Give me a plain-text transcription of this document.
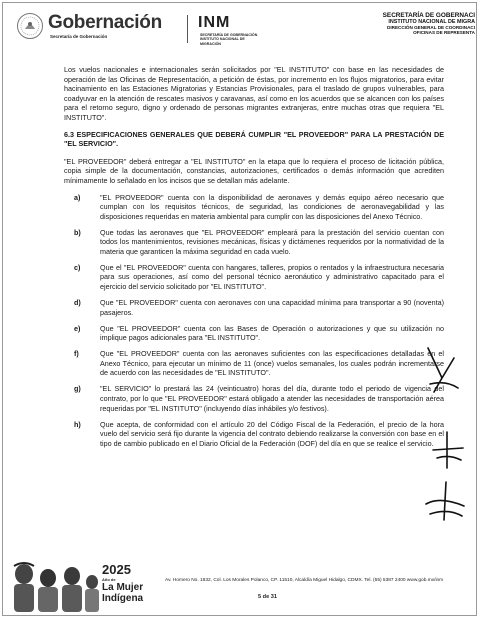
Gobernación
Secretaría de Gobernación
INM
SECRETARÍA DE GOBERNACIÓN
INSTITUTO NACIONAL DE MIGRACIÓN
SECRETARÍA DE GOBERNACI
INSTITUTO NACIONAL DE MIGRA
DIRECCIÓN GENERAL DE COORDINACI
OFICINAS DE REPRESENTA

Los vuelos nacionales e internacionales serán solicitados por "EL INSTITUTO" con base en las necesidades de operación de las Oficinas de Representación, a petición de éstas, por incremento en los flujos migratorios, para evitar hacinamiento en las Estaciones Migratorias y Estancias Provisionales, para el traslado de grupos vulnerables, para coadyuvar en la atención de rescates masivos y caravanas, así como en los acuerdos que se alcancen con los países para el retorno seguro, digno y ordenado de personas migrantes extranjeras, entre muchas otras que requiera "EL INSTITUTO".

6.3 ESPECIFICACIONES GENERALES QUE DEBERÁ CUMPLIR "EL PROVEEDOR" PARA LA PRESTACIÓN DE "EL SERVICIO".

"EL PROVEEDOR" deberá entregar a "EL INSTITUTO" en la etapa que lo requiera el proceso de licitación pública, copia simple de la documentación, constancias, autorizaciones, certificados o demás información que acrediten mínimamente lo señalado en los incisos que se detallan más adelante.

a)	"EL PROVEEDOR" cuenta con la disponibilidad de aeronaves y demás equipo aéreo necesario que cumplan con los requisitos técnicos, de seguridad, las condiciones de aeronavegabilidad y las disposiciones requeridas en materia ambiental para cumplir con las disposiciones del Anexo Técnico.
b)	Que todas las aeronaves que "EL PROVEEDOR" empleará para la prestación del servicio cuentan con todos los mantenimientos, revisiones mecánicas, físicas y dictámenes requeridos por la normatividad de la materia que garanticen la máxima seguridad en cada vuelo.
c)	Que el "EL PROVEEDOR" cuenta con hangares, talleres, propios o rentados y la infraestructura necesaria para sus operaciones, así como del personal técnico aeronáutico y administrativo capacitado para el ejercicio del servicio solicitado por "EL INSTITUTO".
d)	Que "EL PROVEEDOR" cuenta con aeronaves con una capacidad mínima para transportar a 90 (noventa) pasajeros.
e)	Que "EL PROVEEDOR" cuenta con las Bases de Operación o autorizaciones y que su utilización no implique pagos adicionales para "EL INSTITUTO".
f)	Que "EL PROVEEDOR" cuenta con las aeronaves suficientes con las especificaciones detalladas en el Anexo Técnico, para ejecutar un mínimo de 11 (once) vuelos semanales, los cuales podrán incrementarse de acuerdo con las necesidades de "EL INSTITUTO".
g)	"EL SERVICIO" lo prestará las 24 (veinticuatro) horas del día, durante todo el periodo de vigencia del contrato, por lo que "EL PROVEEDOR" estará obligado a atender las necesidades de transportación aérea requeridas por "EL INSTITUTO" (incluyendo días inhábiles y/o festivos).
h)	Que acepta, de conformidad con el artículo 20 del Código Fiscal de la Federación, el precio de la hora vuelo del servicio será fijo durante la vigencia del contrato debiendo realizarse la conversión con base en el tipo de cambio publicado en el Diario Oficial de la Federación (DOF) del día en que se realice el servicio.
2025
Año de
La Mujer
Indígena
Av. Homero No. 1832, Col. Los Morales Polanco, CP. 11510, Alcaldía Miguel Hidalgo, CDMX. Tel. (55) 5387 2400 www.gob.mx/inm
5 de 31
